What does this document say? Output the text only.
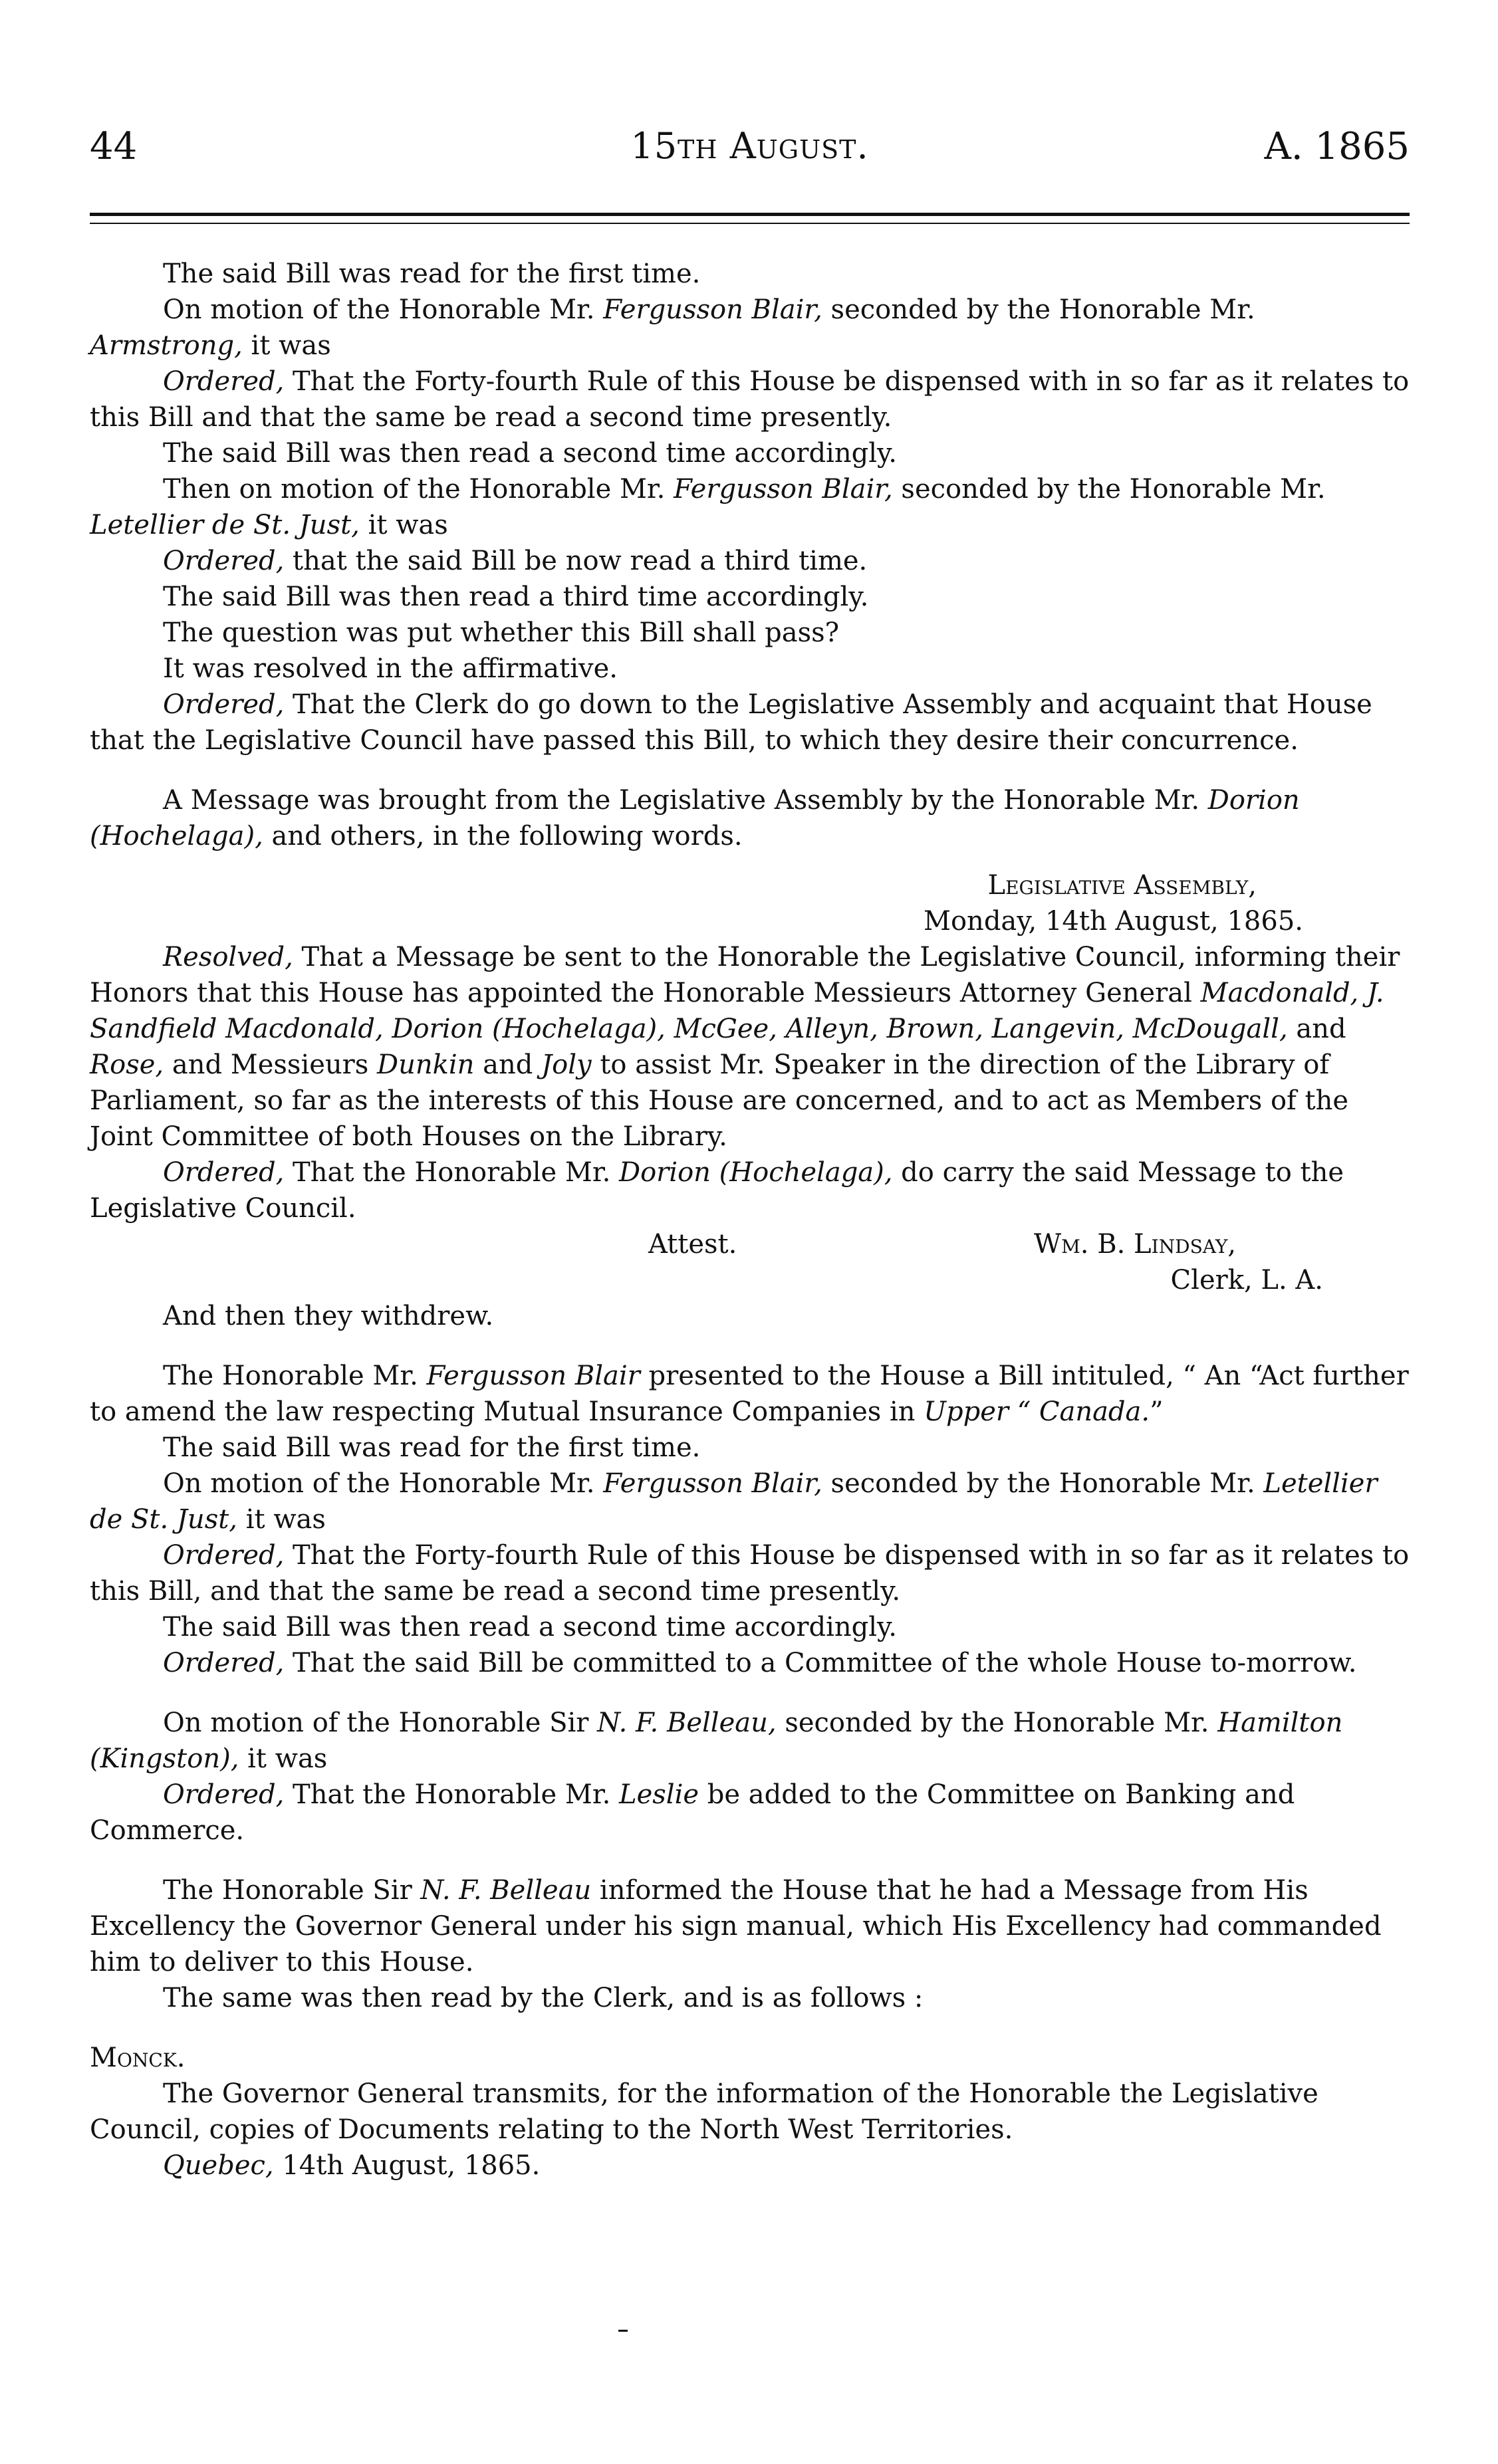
44	15th August.	A. 1865

The said Bill was read for the first time.

On motion of the Honorable Mr. Fergusson Blair, seconded by the Honorable Mr. Armstrong, it was

Ordered, That the Forty-fourth Rule of this House be dispensed with in so far as it relates to this Bill and that the same be read a second time presently.

The said Bill was then read a second time accordingly.

Then on motion of the Honorable Mr. Fergusson Blair, seconded by the Honorable Mr. Letellier de St. Just, it was

Ordered, that the said Bill be now read a third time.

The said Bill was then read a third time accordingly.

The question was put whether this Bill shall pass?

It was resolved in the affirmative.

Ordered, That the Clerk do go down to the Legislative Assembly and acquaint that House that the Legislative Council have passed this Bill, to which they desire their concurrence.

A Message was brought from the Legislative Assembly by the Honorable Mr. Dorion (Hochelaga), and others, in the following words.

Legislative Assembly,

Monday, 14th August, 1865.

Resolved, That a Message be sent to the Honorable the Legislative Council, informing their Honors that this House has appointed the Honorable Messieurs Attorney General Macdonald, J. Sandfield Macdonald, Dorion (Hochelaga), McGee, Alleyn, Brown, Langevin, McDougall, and Rose, and Messieurs Dunkin and Joly to assist Mr. Speaker in the direction of the Library of Parliament, so far as the interests of this House are concerned, and to act as Members of the Joint Committee of both Houses on the Library.

Ordered, That the Honorable Mr. Dorion (Hochelaga), do carry the said Message to the Legislative Council.

Attest.	Wm. B. Lindsay,

Clerk, L. A.

And then they withdrew.

The Honorable Mr. Fergusson Blair presented to the House a Bill intituled, “ An “Act further to amend the law respecting Mutual Insurance Companies in Upper “ Canada.”

The said Bill was read for the first time.

On motion of the Honorable Mr. Fergusson Blair, seconded by the Honorable Mr. Letellier de St. Just, it was

Ordered, That the Forty-fourth Rule of this House be dispensed with in so far as it relates to this Bill, and that the same be read a second time presently.

The said Bill was then read a second time accordingly.

Ordered, That the said Bill be committed to a Committee of the whole House to-morrow.

On motion of the Honorable Sir N. F. Belleau, seconded by the Honorable Mr. Hamilton (Kingston), it was

Ordered, That the Honorable Mr. Leslie be added to the Committee on Banking and Commerce.

The Honorable Sir N. F. Belleau informed the House that he had a Message from His Excellency the Governor General under his sign manual, which His Excellency had commanded him to deliver to this House.

The same was then read by the Clerk, and is as follows :

Monck.

The Governor General transmits, for the information of the Honorable the Legislative Council, copies of Documents relating to the North West Territories.

Quebec, 14th August, 1865.
